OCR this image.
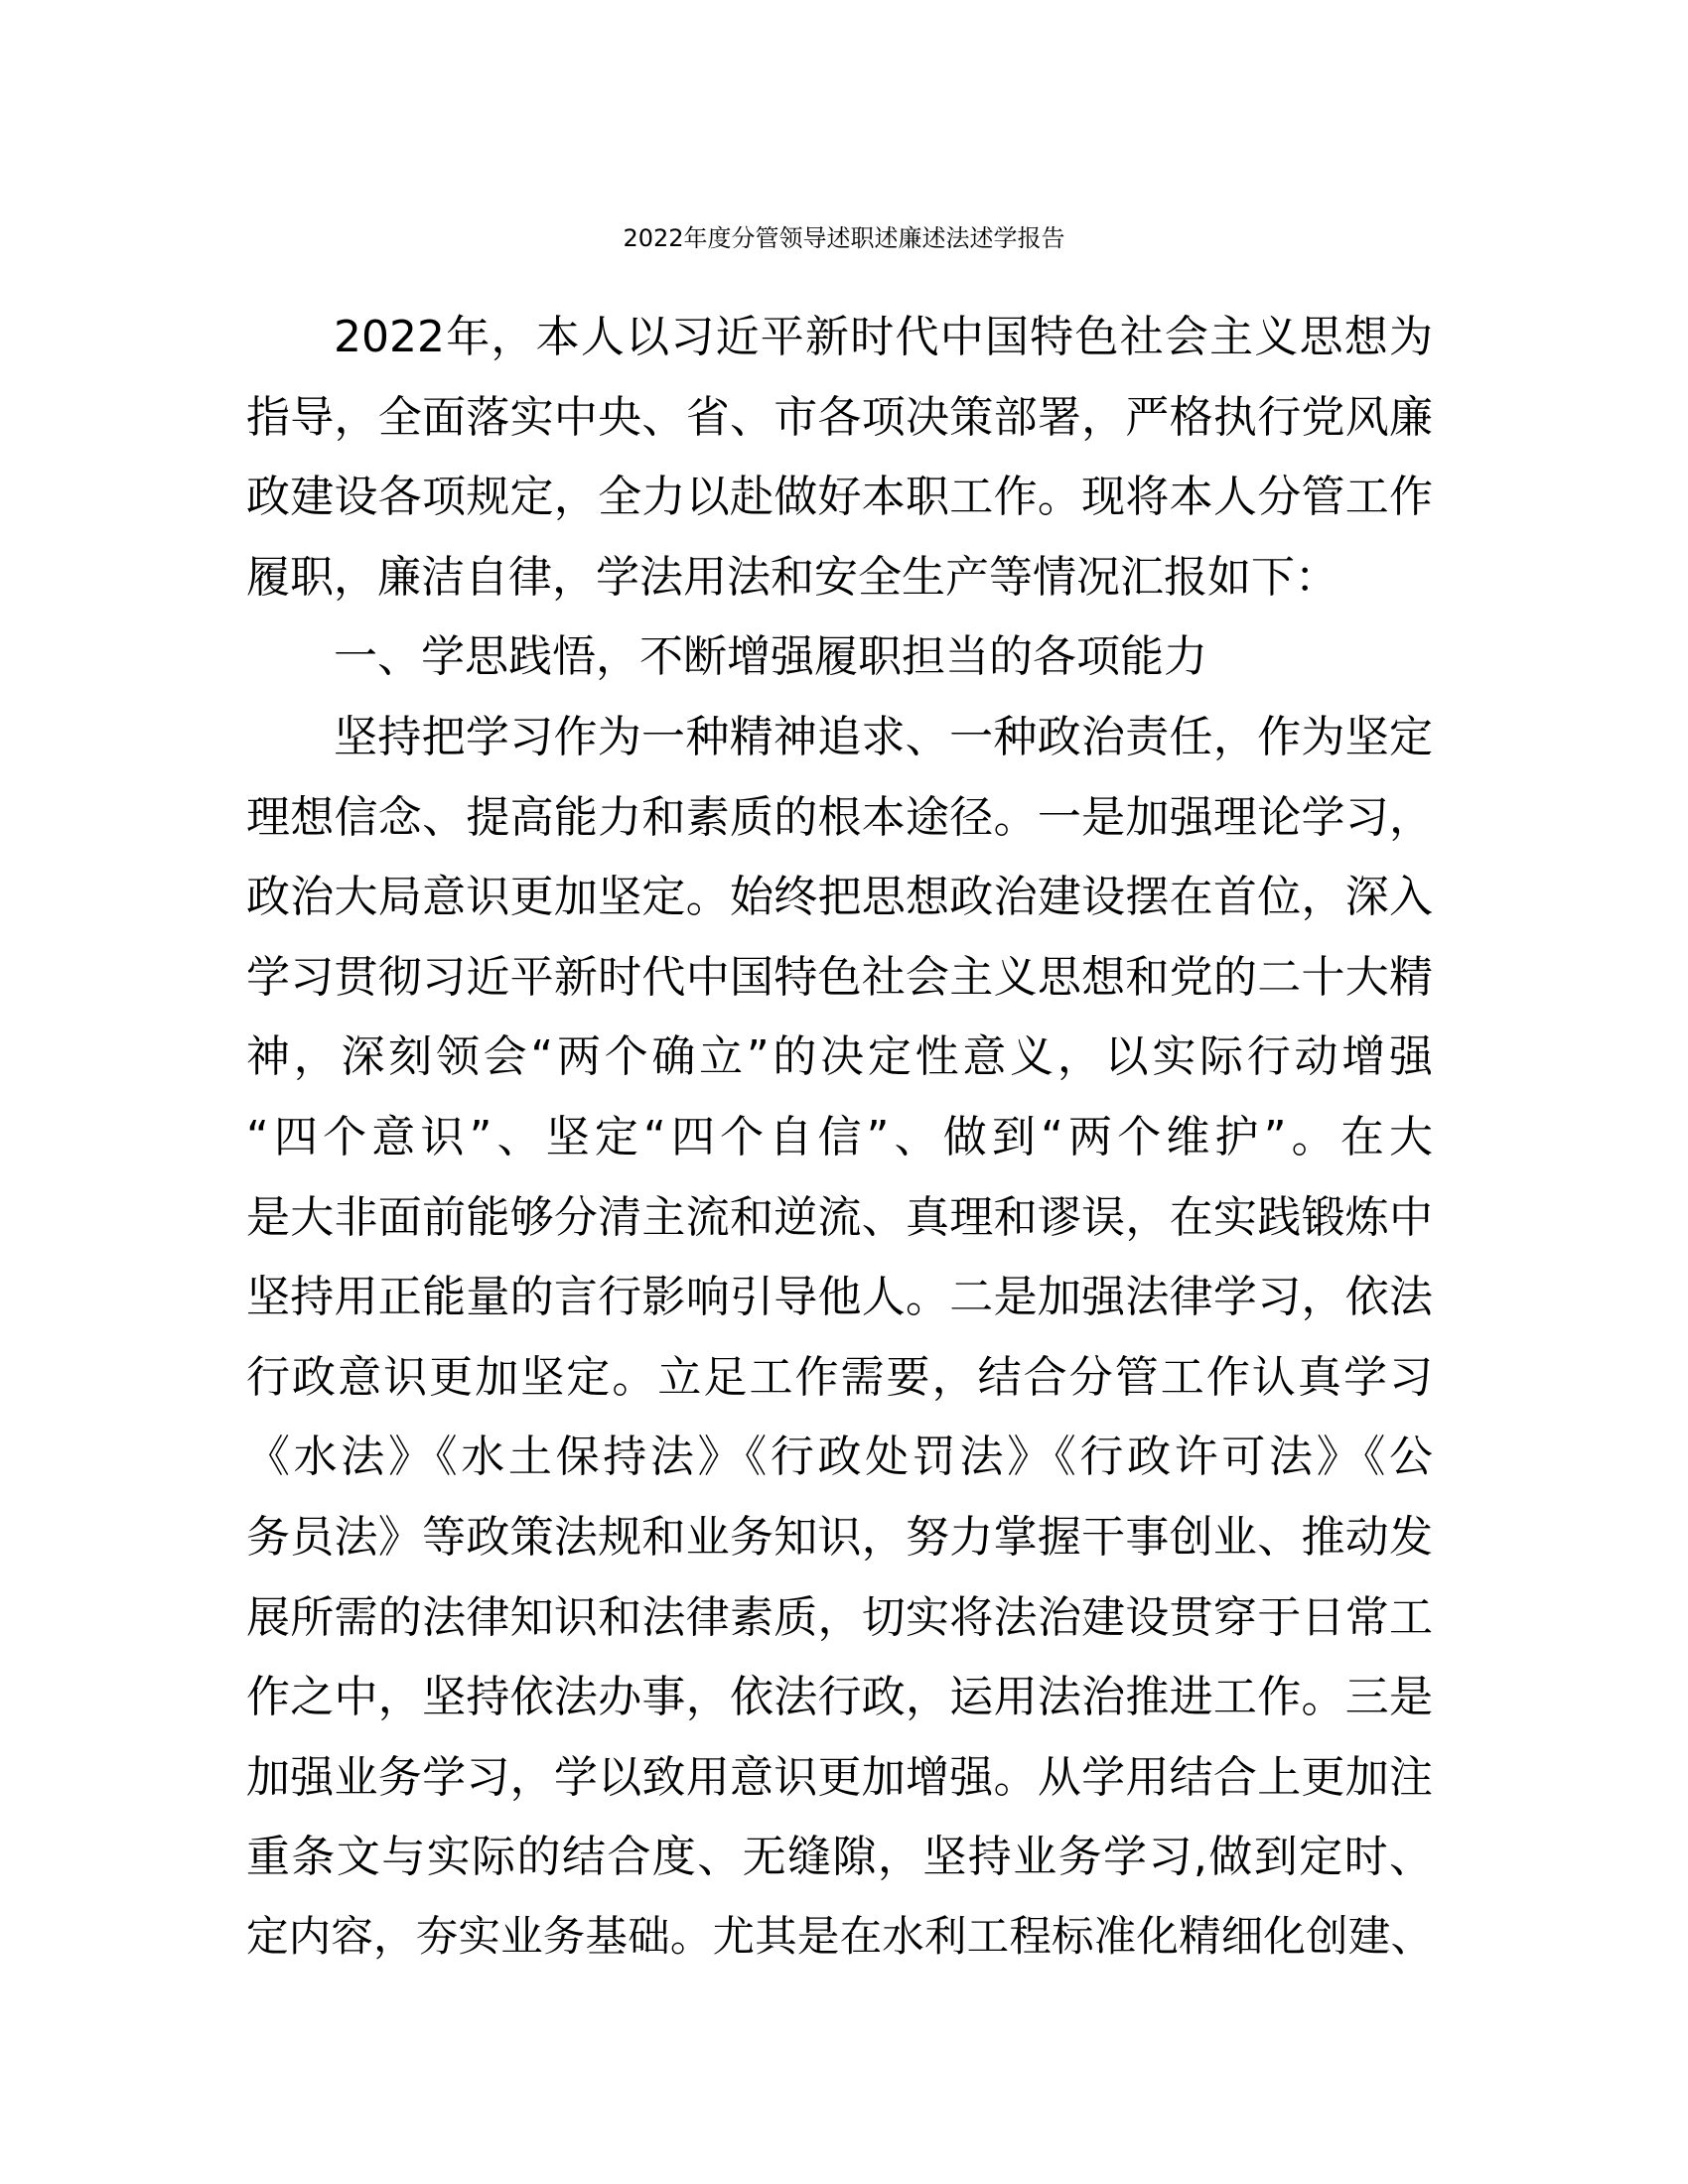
2022年度分管领导述职述廉述法述学报告
2022年，本人以习近平新时代中国特色社会主义思想为
指导，全面落实中央、省、市各项决策部署，严格执行党风廉
政建设各项规定，全力以赴做好本职工作。现将本人分管工作
履职，廉洁自律，学法用法和安全生产等情况汇报如下：
一、学思践悟，不断增强履职担当的各项能力
坚持把学习作为一种精神追求、一种政治责任，作为坚定
理想信念、提高能力和素质的根本途径。一是加强理论学习，
政治大局意识更加坚定。始终把思想政治建设摆在首位，深入
学习贯彻习近平新时代中国特色社会主义思想和党的二十大精
神，深刻领会“两个确立”的决定性意义，以实际行动增强
“四个意识”、坚定“四个自信”、做到“两个维护”。在大
是大非面前能够分清主流和逆流、真理和谬误，在实践锻炼中
坚持用正能量的言行影响引导他人。二是加强法律学习，依法
行政意识更加坚定。立足工作需要，结合分管工作认真学习
《水法》《水土保持法》《行政处罚法》《行政许可法》《公
务员法》等政策法规和业务知识，努力掌握干事创业、推动发
展所需的法律知识和法律素质，切实将法治建设贯穿于日常工
作之中，坚持依法办事，依法行政，运用法治推进工作。三是
加强业务学习，学以致用意识更加增强。从学用结合上更加注
重条文与实际的结合度、无缝隙，坚持业务学习,做到定时、
定内容，夯实业务基础。尤其是在水利工程标准化精细化创建、
